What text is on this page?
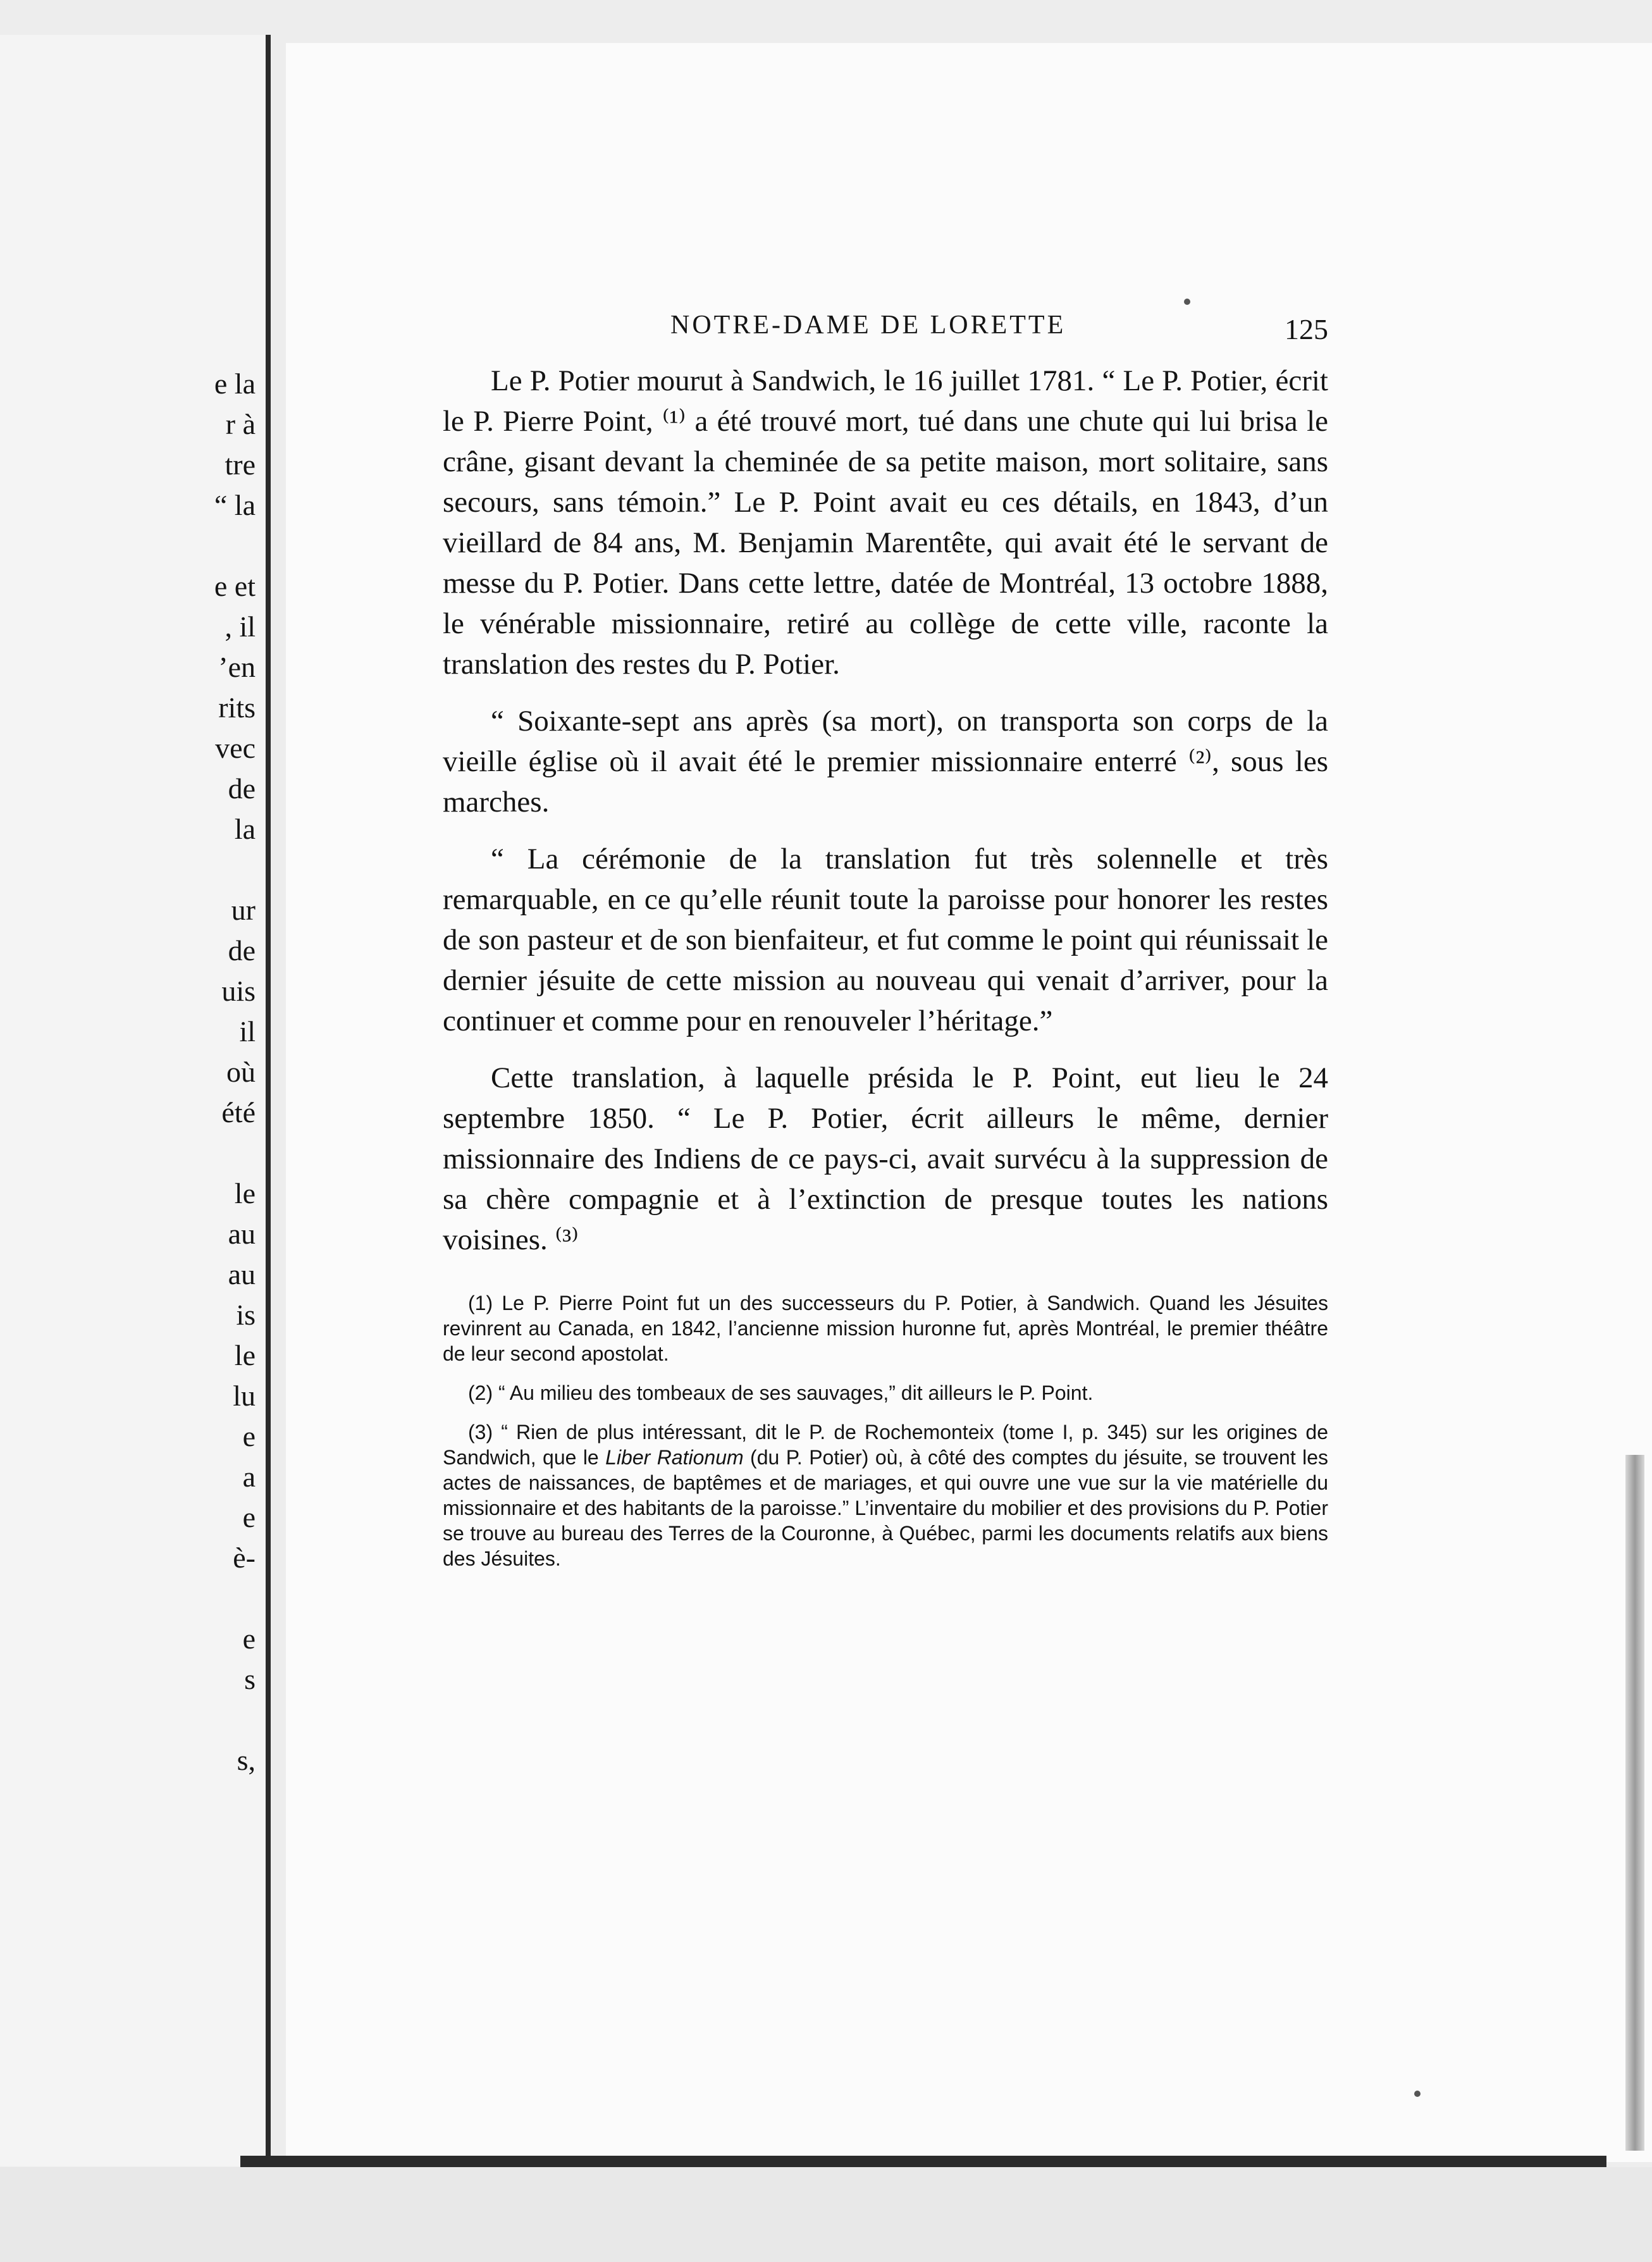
e la
r à
tre
“ la
e et
, il
’en
rits
vec
de
la
ur
de
uis
il
où
été
le
au
au
is
le
lu
e
a
e
è-
e
s
s,
NOTRE-DAME DE LORETTE	125

Le P. Potier mourut à Sandwich, le 16 juillet 1781. “ Le P. Potier, écrit le P. Pierre Point, ⁽¹⁾ a été trouvé mort, tué dans une chute qui lui brisa le crâne, gisant devant la cheminée de sa petite maison, mort solitaire, sans secours, sans témoin.” Le P. Point avait eu ces détails, en 1843, d’un vieillard de 84 ans, M. Benjamin Marentête, qui avait été le servant de messe du P. Potier. Dans cette lettre, datée de Montréal, 13 octobre 1888, le vénérable missionnaire, retiré au collège de cette ville, raconte la translation des restes du P. Potier.

“ Soixante-sept ans après (sa mort), on transporta son corps de la vieille église où il avait été le premier missionnaire enterré ⁽²⁾, sous les marches.

“ La cérémonie de la translation fut très solennelle et très remarquable, en ce qu’elle réunit toute la paroisse pour honorer les restes de son pasteur et de son bienfaiteur, et fut comme le point qui réunissait le dernier jésuite de cette mission au nouveau qui venait d’arriver, pour la continuer et comme pour en renouveler l’héritage.”

Cette translation, à laquelle présida le P. Point, eut lieu le 24 septembre 1850. “ Le P. Potier, écrit ailleurs le même, dernier missionnaire des Indiens de ce pays-ci, avait survécu à la suppression de sa chère compagnie et à l’extinction de presque toutes les nations voisines. ⁽³⁾

(1) Le P. Pierre Point fut un des successeurs du P. Potier, à Sandwich. Quand les Jésuites revinrent au Canada, en 1842, l’ancienne mission huronne fut, après Montréal, le premier théâtre de leur second apostolat.

(2) “ Au milieu des tombeaux de ses sauvages,” dit ailleurs le P. Point.

(3) “ Rien de plus intéressant, dit le P. de Rochemonteix (tome I, p. 345) sur les origines de Sandwich, que le Liber Rationum (du P. Potier) où, à côté des comptes du jésuite, se trouvent les actes de naissances, de baptêmes et de mariages, et qui ouvre une vue sur la vie matérielle du missionnaire et des habitants de la paroisse.” L’inventaire du mobilier et des provisions du P. Potier se trouve au bureau des Terres de la Couronne, à Québec, parmi les documents relatifs aux biens des Jésuites.
